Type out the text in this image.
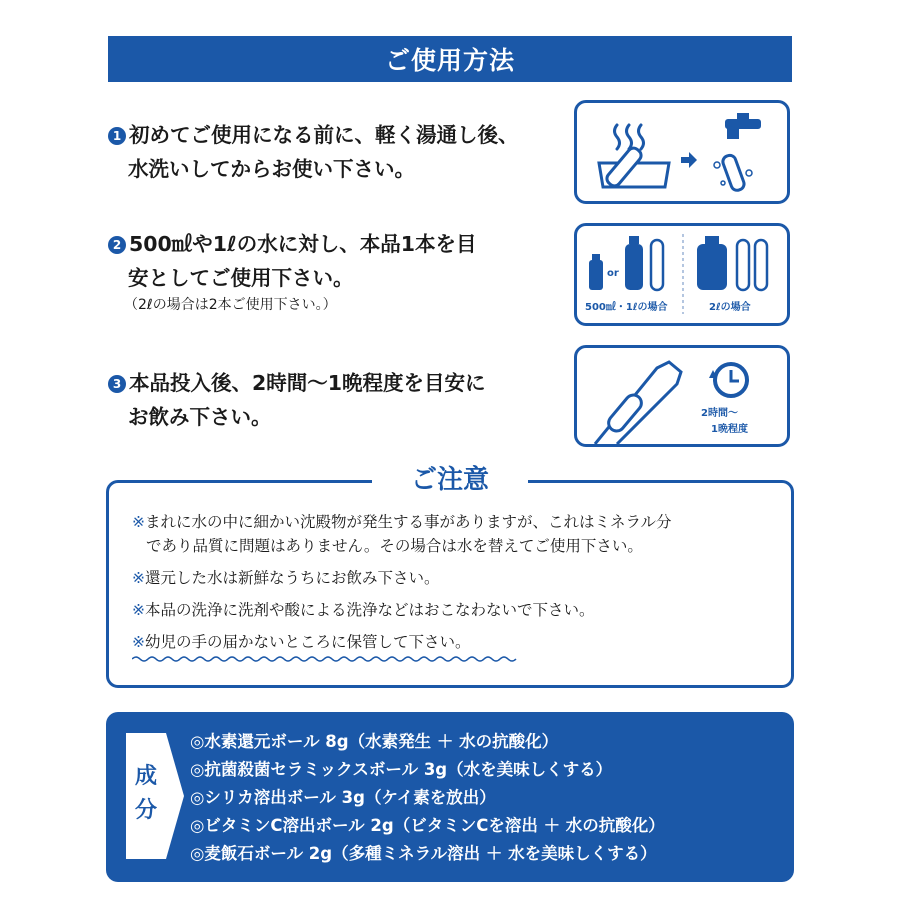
ご使用方法
1 初めてご使用になる前に、軽く湯通し後、
水洗いしてからお使い下さい。
2 500㎖や1ℓの水に対し、本品1本を目
安としてご使用下さい。
（2ℓの場合は2本ご使用下さい。）
3 本品投入後、2時間～1晩程度を目安に
お飲み下さい。
or
500㎖・1ℓの場合	2ℓの場合
2時間～
1晩程度
ご注意
※まれに水の中に細かい沈殿物が発生する事がありますが、これはミネラル分
であり品質に問題はありません。その場合は水を替えてご使用下さい。
※還元した水は新鮮なうちにお飲み下さい。
※本品の洗浄に洗剤や酸による洗浄などはおこなわないで下さい。
※幼児の手の届かないところに保管して下さい。
成
分
◎水素還元ボール 8g（水素発生 ＋ 水の抗酸化）
◎抗菌殺菌セラミックスボール 3g（水を美味しくする）
◎シリカ溶出ボール 3g（ケイ素を放出）
◎ビタミンC溶出ボール 2g（ビタミンCを溶出 ＋ 水の抗酸化）
◎麦飯石ボール 2g（多種ミネラル溶出 ＋ 水を美味しくする）
